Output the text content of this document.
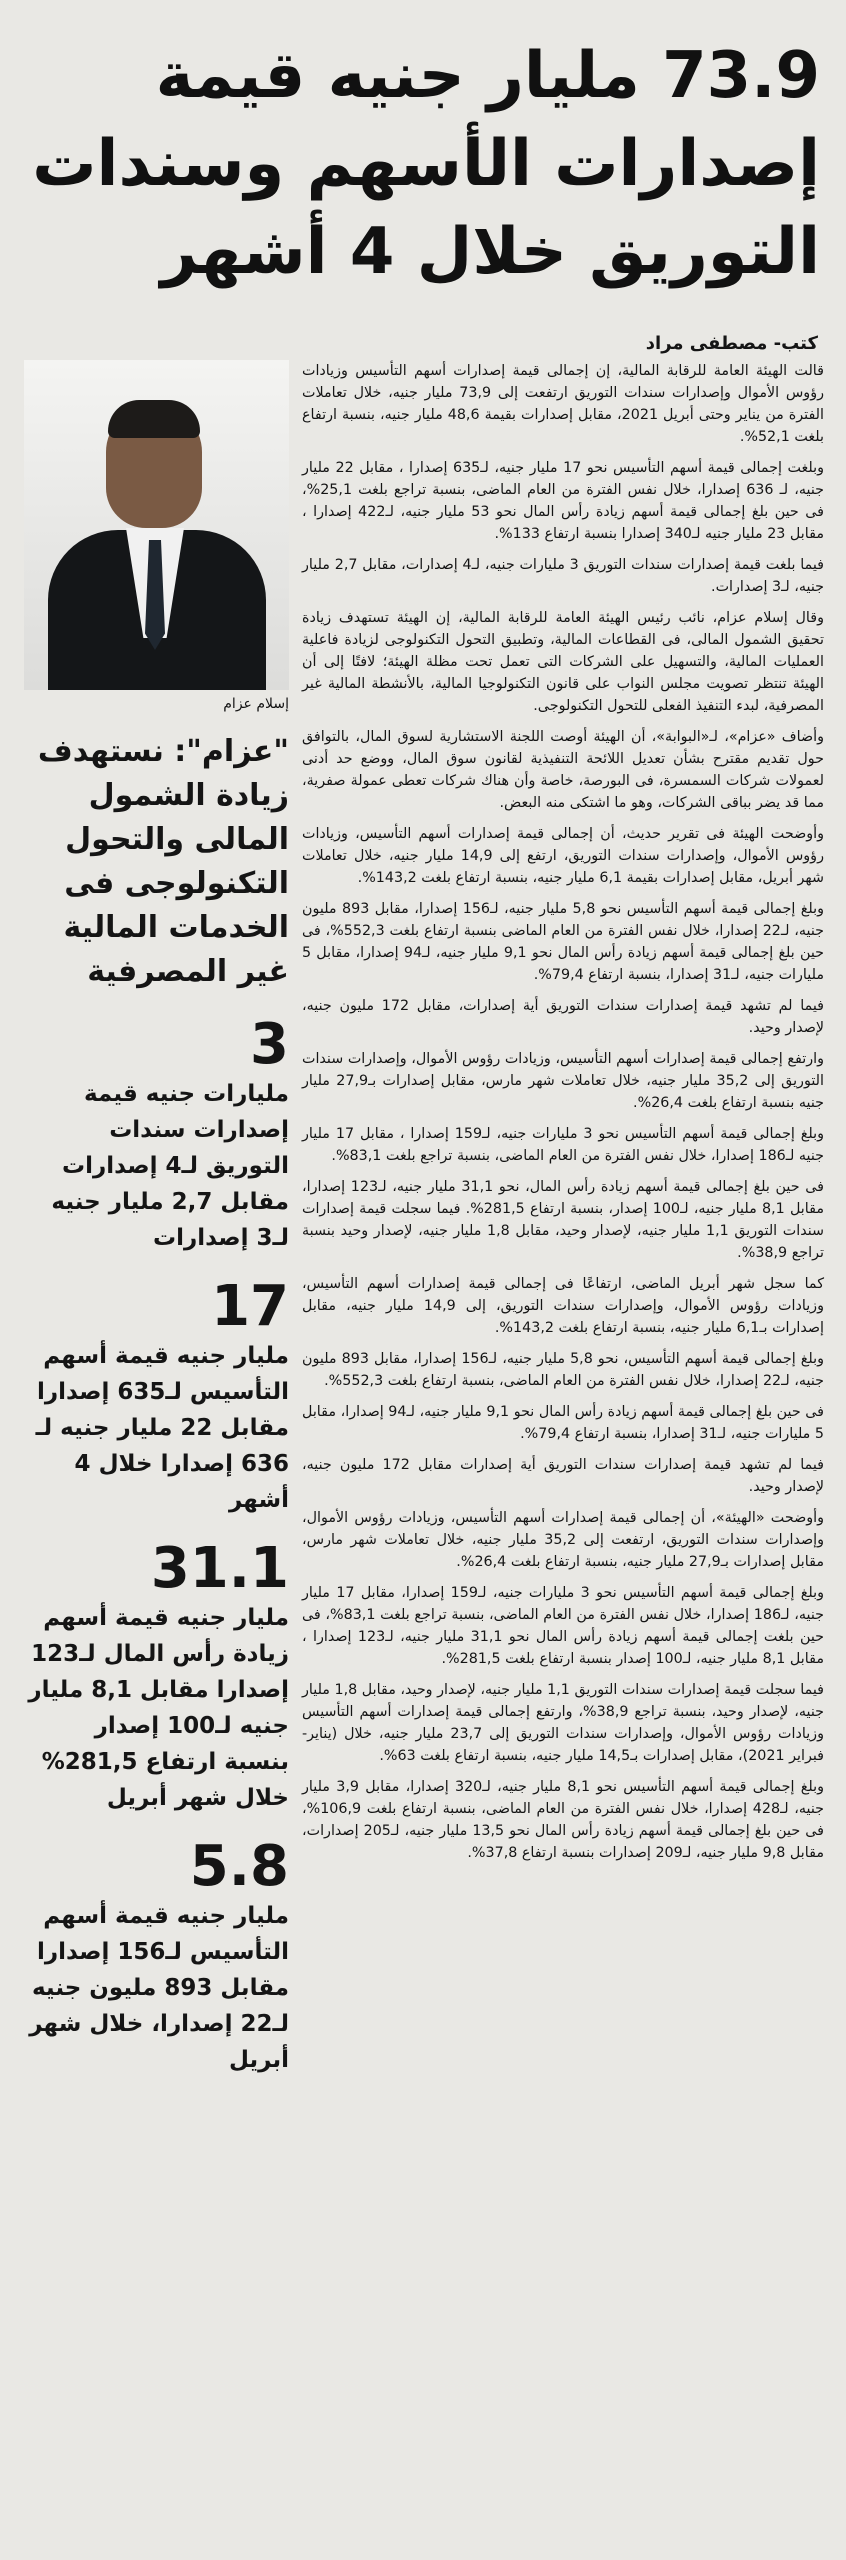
73.9 مليار جنيه قيمة
إصدارات الأسهم وسندات
التوريق خلال 4 أشهر
كتب- مصطفى مراد

قالت الهيئة العامة للرقابة المالية، إن إجمالى قيمة إصدارات أسهم التأسيس وزيادات رؤوس الأموال وإصدارات سندات التوريق ارتفعت إلى 73,9 مليار جنيه، خلال تعاملات الفترة من يناير وحتى أبريل 2021، مقابل إصدارات بقيمة 48,6 مليار جنيه، بنسبة ارتفاع بلغت 52,1%.

وبلغت إجمالى قيمة أسهم التأسيس نحو 17 مليار جنيه، لـ635 إصدارا ، مقابل 22 مليار جنيه، لـ 636 إصدارا، خلال نفس الفترة من العام الماضى، بنسبة تراجع بلغت 25,1%، فى حين بلغ إجمالى قيمة أسهم زيادة رأس المال نحو 53 مليار جنيه، لـ422 إصدارا ، مقابل 23 مليار جنيه لـ340 إصدارا بنسبة ارتفاع 133%.

فيما بلغت قيمة إصدارات سندات التوريق 3 مليارات جنيه، لـ4 إصدارات، مقابل 2,7 مليار جنيه، لـ3 إصدارات.

وقال إسلام عزام، نائب رئيس الهيئة العامة للرقابة المالية، إن الهيئة تستهدف زيادة تحقيق الشمول المالى، فى القطاعات المالية، وتطبيق التحول التكنولوجى لزيادة فاعلية العمليات المالية، والتسهيل على الشركات التى تعمل تحت مظلة الهيئة؛ لافتًا إلى أن الهيئة تنتظر تصويت مجلس النواب على قانون التكنولوجيا المالية، بالأنشطة المالية غير المصرفية، لبدء التنفيذ الفعلى للتحول التكنولوجى.

وأضاف «عزام»، لـ«البوابة»، أن الهيئة أوصت اللجنة الاستشارية لسوق المال، بالتوافق حول تقديم مقترح بشأن تعديل اللائحة التنفيذية لقانون سوق المال، ووضع حد أدنى لعمولات شركات السمسرة، فى البورصة، خاصة وأن هناك شركات تعطى عمولة صفرية، مما قد يضر بباقى الشركات، وهو ما اشتكى منه البعض.

وأوضحت الهيئة فى تقرير حديث، أن إجمالى قيمة إصدارات أسهم التأسيس، وزيادات رؤوس الأموال، وإصدارات سندات التوريق، ارتفع إلى 14,9 مليار جنيه، خلال تعاملات شهر أبريل، مقابل إصدارات بقيمة 6,1 مليار جنيه، بنسبة ارتفاع بلغت 143,2%.

وبلغ إجمالى قيمة أسهم التأسيس نحو 5,8 مليار جنيه، لـ156 إصدارا، مقابل 893 مليون جنيه، لـ22 إصدارا، خلال نفس الفترة من العام الماضى بنسبة ارتفاع بلغت 552,3%، فى حين بلغ إجمالى قيمة أسهم زيادة رأس المال نحو 9,1 مليار جنيه، لـ94 إصدارا، مقابل 5 مليارات جنيه، لـ31 إصدارا، بنسبة ارتفاع 79,4%.

فيما لم تشهد قيمة إصدارات سندات التوريق أية إصدارات، مقابل 172 مليون جنيه، لإصدار وحيد.

وارتفع إجمالى قيمة إصدارات أسهم التأسيس، وزيادات رؤوس الأموال، وإصدارات سندات التوريق إلى 35,2 مليار جنيه، خلال تعاملات شهر مارس، مقابل إصدارات بـ27,9 مليار جنيه بنسبة ارتفاع بلغت 26,4%.

وبلغ إجمالى قيمة أسهم التأسيس نحو 3 مليارات جنيه، لـ159 إصدارا ، مقابل 17 مليار جنيه لـ186 إصدارا، خلال نفس الفترة من العام الماضى، بنسبة تراجع بلغت 83,1%.

فى حين بلغ إجمالى قيمة أسهم زيادة رأس المال، نحو 31,1 مليار جنيه، لـ123 إصدارا، مقابل 8,1 مليار جنيه، لـ100 إصدار، بنسبة ارتفاع 281,5%. فيما سجلت قيمة إصدارات سندات التوريق 1,1 مليار جنيه، لإصدار وحيد، مقابل 1,8 مليار جنيه، لإصدار وحيد بنسبة تراجع 38,9%.

كما سجل شهر أبريل الماضى، ارتفاعًا فى إجمالى قيمة إصدارات أسهم التأسيس، وزيادات رؤوس الأموال، وإصدارات سندات التوريق، إلى 14,9 مليار جنيه، مقابل إصدارات بـ6,1 مليار جنيه، بنسبة ارتفاع بلغت 143,2%.

وبلغ إجمالى قيمة أسهم التأسيس، نحو 5,8 مليار جنيه، لـ156 إصدارا، مقابل 893 مليون جنيه، لـ22 إصدارا، خلال نفس الفترة من العام الماضى، بنسبة ارتفاع بلغت 552,3%.

فى حين بلغ إجمالى قيمة أسهم زيادة رأس المال نحو 9,1 مليار جنيه، لـ94 إصدارا، مقابل 5 مليارات جنيه، لـ31 إصدارا، بنسبة ارتفاع 79,4%.

فيما لم تشهد قيمة إصدارات سندات التوريق أية إصدارات مقابل 172 مليون جنيه، لإصدار وحيد.

وأوضحت «الهيئة»، أن إجمالى قيمة إصدارات أسهم التأسيس، وزيادات رؤوس الأموال، وإصدارات سندات التوريق، ارتفعت إلى 35,2 مليار جنيه، خلال تعاملات شهر مارس، مقابل إصدارات بـ27,9 مليار جنيه، بنسبة ارتفاع بلغت 26,4%.

وبلغ إجمالى قيمة أسهم التأسيس نحو 3 مليارات جنيه، لـ159 إصدارا، مقابل 17 مليار جنيه، لـ186 إصدارا، خلال نفس الفترة من العام الماضى، بنسبة تراجع بلغت 83,1%، فى حين بلغت إجمالى قيمة أسهم زيادة رأس المال نحو 31,1 مليار جنيه، لـ123 إصدارا ، مقابل 8,1 مليار جنيه، لـ100 إصدار بنسبة ارتفاع بلغت 281,5%.

فيما سجلت قيمة إصدارات سندات التوريق 1,1 مليار جنيه، لإصدار وحيد، مقابل 1,8 مليار جنيه، لإصدار وحيد، بنسبة تراجع 38,9%، وارتفع إجمالى قيمة إصدارات أسهم التأسيس وزيادات رؤوس الأموال، وإصدارات سندات التوريق إلى 23,7 مليار جنيه، خلال (يناير- فبراير 2021)، مقابل إصدارات بـ14,5 مليار جنيه، بنسبة ارتفاع بلغت 63%.

وبلغ إجمالى قيمة أسهم التأسيس نحو 8,1 مليار جنيه، لـ320 إصدارا، مقابل 3,9 مليار جنيه، لـ428 إصدارا، خلال نفس الفترة من العام الماضى، بنسبة ارتفاع بلغت 106,9%، فى حين بلغ إجمالى قيمة أسهم زيادة رأس المال نحو 13,5 مليار جنيه، لـ205 إصدارات، مقابل 9,8 مليار جنيه، لـ209 إصدارات بنسبة ارتفاع 37,8%.

إسلام عزام
"عزام": نستهدف زيادة الشمول المالى والتحول التكنولوجى فى الخدمات المالية غير المصرفية
3
مليارات جنيه قيمة إصدارات سندات التوريق لـ4 إصدارات مقابل 2,7 مليار جنيه لـ3 إصدارات
17
مليار جنيه قيمة أسهم التأسيس لـ635 إصدارا مقابل 22 مليار جنيه لـ 636 إصدارا خلال 4 أشهر
31.1
مليار جنيه قيمة أسهم زيادة رأس المال لـ123 إصدارا مقابل 8,1 مليار جنيه لـ100 إصدار بنسبة ارتفاع 281,5% خلال شهر أبريل
5.8
مليار جنيه قيمة أسهم التأسيس لـ156 إصدارا مقابل 893 مليون جنيه لـ22 إصدارا، خلال شهر أبريل
